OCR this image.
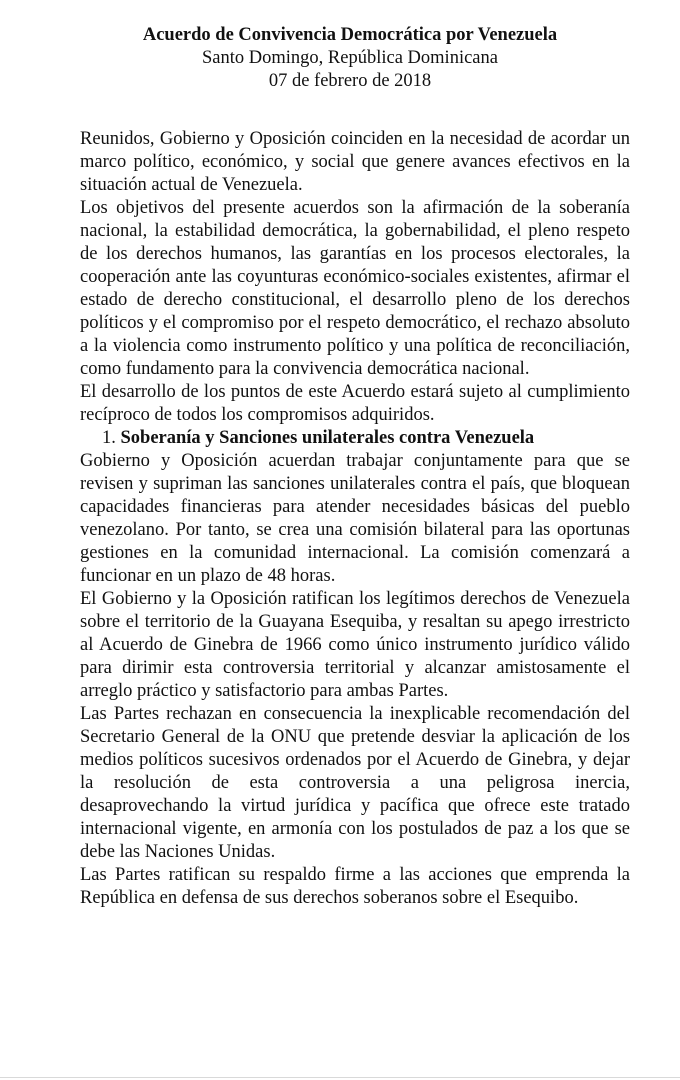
Acuerdo de Convivencia Democrática por Venezuela
Santo Domingo, República Dominicana
07 de febrero de 2018

Reunidos, Gobierno y Oposición coinciden en la necesidad de acordar un marco político, económico, y social que genere avances efectivos en la situación actual de Venezuela.

Los objetivos del presente acuerdos son la afirmación de la soberanía nacional, la estabilidad democrática, la gobernabilidad, el pleno respeto de los derechos humanos, las garantías en los procesos electorales, la cooperación ante las coyunturas económico-sociales existentes, afirmar el estado de derecho constitucional, el desarrollo pleno de los derechos políticos y el compromiso por el respeto democrático, el rechazo absoluto a la violencia como instrumento político y una política de reconciliación, como fundamento para la convivencia democrática nacional.

El desarrollo de los puntos de este Acuerdo estará sujeto al cumplimiento recíproco de todos los compromisos adquiridos.

1. Soberanía y Sanciones unilaterales contra Venezuela

Gobierno y Oposición acuerdan trabajar conjuntamente para que se revisen y supriman las sanciones unilaterales contra el país, que bloquean capacidades financieras para atender necesidades básicas del pueblo venezolano. Por tanto, se crea una comisión bilateral para las oportunas gestiones en la comunidad internacional. La comisión comenzará a funcionar en un plazo de 48 horas.

El Gobierno y la Oposición ratifican los legítimos derechos de Venezuela sobre el territorio de la Guayana Esequiba, y resaltan su apego irrestricto al Acuerdo de Ginebra de 1966 como único instrumento jurídico válido para dirimir esta controversia territorial y alcanzar amistosamente el arreglo práctico y satisfactorio para ambas Partes.

Las Partes rechazan en consecuencia la inexplicable recomendación del Secretario General de la ONU que pretende desviar la aplicación de los medios políticos sucesivos ordenados por el Acuerdo de Ginebra, y dejar la resolución de esta controversia a una peligrosa inercia, desaprovechando la virtud jurídica y pacífica que ofrece este tratado internacional vigente, en armonía con los postulados de paz a los que se debe las Naciones Unidas.

Las Partes ratifican su respaldo firme a las acciones que emprenda la República en defensa de sus derechos soberanos sobre el Esequibo.
